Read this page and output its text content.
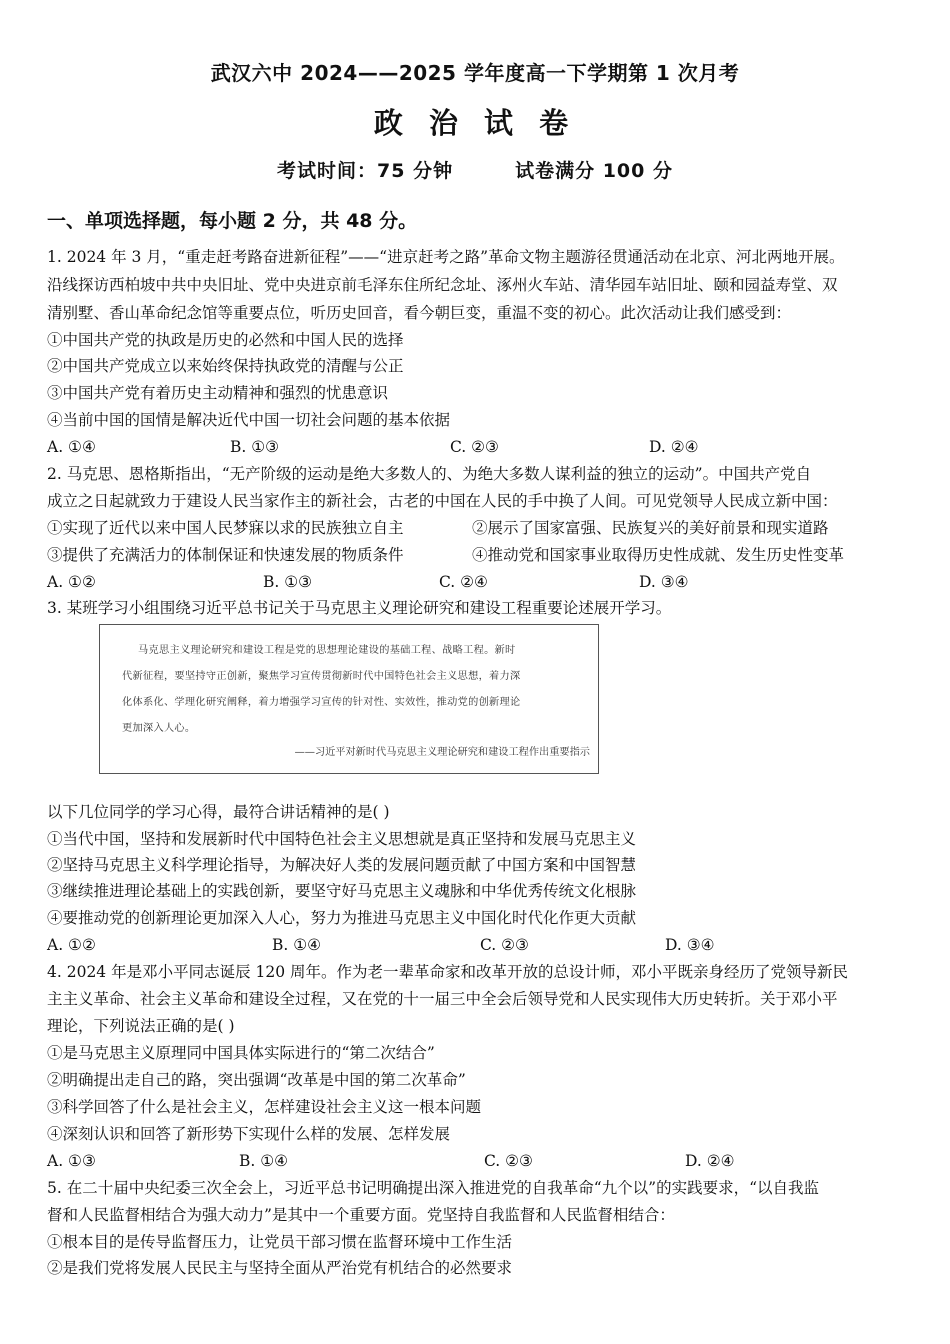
武汉六中 2024——2025 学年度高一下学期第 1 次月考
政 治 试 卷
考试时间：75 分钟	试卷满分 100 分
一、单项选择题，每小题 2 分，共 48 分。
1. 2024 年 3 月，“重走赶考路奋进新征程”——“进京赶考之路”革命文物主题游径贯通活动在北京、河北两地开展。
沿线探访西柏坡中共中央旧址、党中央进京前毛泽东住所纪念址、涿州火车站、清华园车站旧址、颐和园益寿堂、双
清别墅、香山革命纪念馆等重要点位，听历史回音，看今朝巨变，重温不变的初心。此次活动让我们感受到：
①中国共产党的执政是历史的必然和中国人民的选择
②中国共产党成立以来始终保持执政党的清醒与公正
③中国共产党有着历史主动精神和强烈的忧患意识
④当前中国的国情是解决近代中国一切社会问题的基本依据
A. ①④	B. ①③	C. ②③	D. ②④
2. 马克思、恩格斯指出，“无产阶级的运动是绝大多数人的、为绝大多数人谋利益的独立的运动”。中国共产党自
成立之日起就致力于建设人民当家作主的新社会，古老的中国在人民的手中换了人间。可见党领导人民成立新中国：
①实现了近代以来中国人民梦寐以求的民族独立自主	②展示了国家富强、民族复兴的美好前景和现实道路
③提供了充满活力的体制保证和快速发展的物质条件	④推动党和国家事业取得历史性成就、发生历史性变革
A. ①②	B. ①③	C. ②④	D. ③④
3. 某班学习小组围绕习近平总书记关于马克思主义理论研究和建设工程重要论述展开学习。
马克思主义理论研究和建设工程是党的思想理论建设的基础工程、战略工程。新时
代新征程，要坚持守正创新，聚焦学习宣传贯彻新时代中国特色社会主义思想，着力深
化体系化、学理化研究阐释，着力增强学习宣传的针对性、实效性，推动党的创新理论
更加深入人心。
——习近平对新时代马克思主义理论研究和建设工程作出重要指示
以下几位同学的学习心得，最符合讲话精神的是( )
①当代中国，坚持和发展新时代中国特色社会主义思想就是真正坚持和发展马克思主义
②坚持马克思主义科学理论指导，为解决好人类的发展问题贡献了中国方案和中国智慧
③继续推进理论基础上的实践创新，要坚守好马克思主义魂脉和中华优秀传统文化根脉
④要推动党的创新理论更加深入人心，努力为推进马克思主义中国化时代化作更大贡献
A. ①②	B. ①④	C. ②③	D. ③④
4. 2024 年是邓小平同志诞辰 120 周年。作为老一辈革命家和改革开放的总设计师，邓小平既亲身经历了党领导新民
主主义革命、社会主义革命和建设全过程，又在党的十一届三中全会后领导党和人民实现伟大历史转折。关于邓小平
理论，下列说法正确的是( )
①是马克思主义原理同中国具体实际进行的“第二次结合”
②明确提出走自己的路，突出强调“改革是中国的第二次革命”
③科学回答了什么是社会主义，怎样建设社会主义这一根本问题
④深刻认识和回答了新形势下实现什么样的发展、怎样发展
A. ①③	B. ①④	C. ②③	D. ②④
5. 在二十届中央纪委三次全会上，习近平总书记明确提出深入推进党的自我革命“九个以”的实践要求，“以自我监
督和人民监督相结合为强大动力”是其中一个重要方面。党坚持自我监督和人民监督相结合：
①根本目的是传导监督压力，让党员干部习惯在监督环境中工作生活
②是我们党将发展人民民主与坚持全面从严治党有机结合的必然要求
